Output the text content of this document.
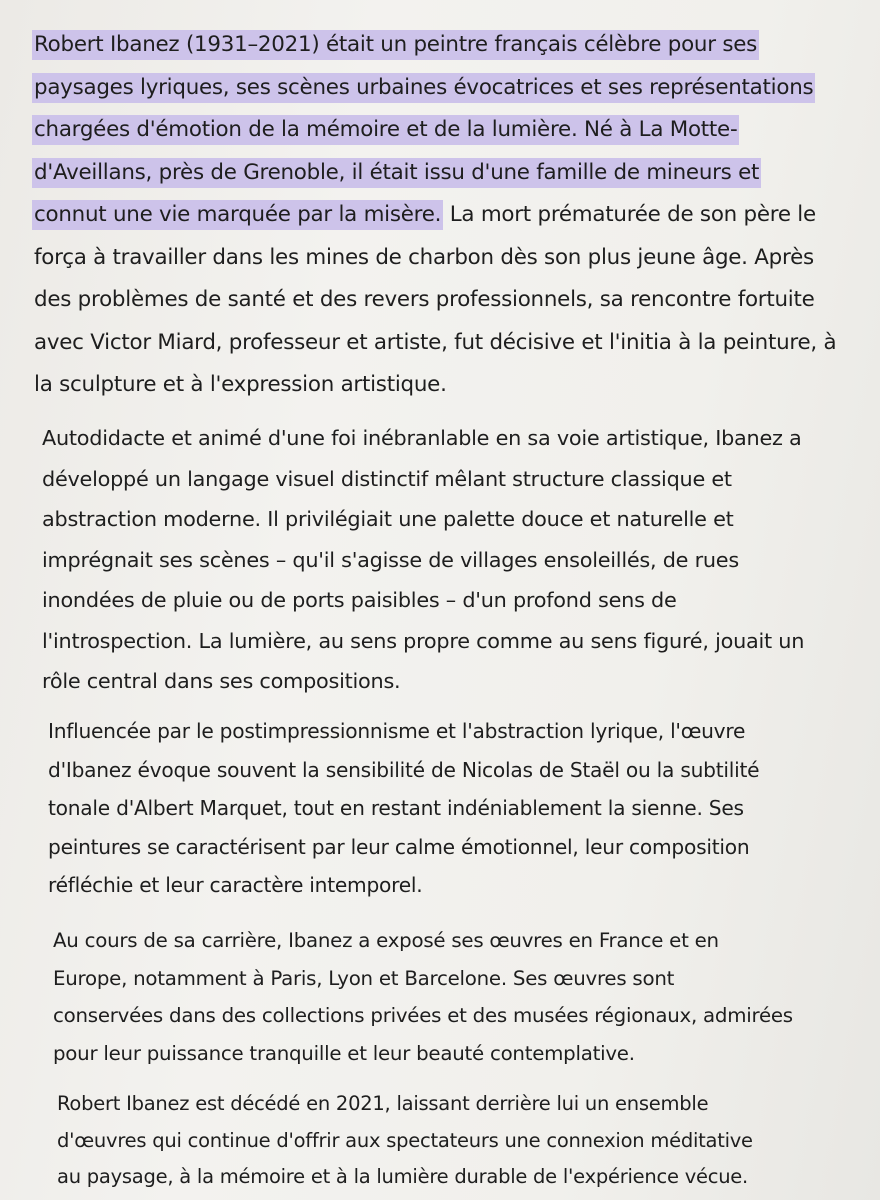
Robert Ibanez (1931–2021) était un peintre français célèbre pour ses
paysages lyriques, ses scènes urbaines évocatrices et ses représentations
chargées d'émotion de la mémoire et de la lumière. Né à La Motte-
d'Aveillans, près de Grenoble, il était issu d'une famille de mineurs et
connut une vie marquée par la misère. La mort prématurée de son père le
força à travailler dans les mines de charbon dès son plus jeune âge. Après
des problèmes de santé et des revers professionnels, sa rencontre fortuite
avec Victor Miard, professeur et artiste, fut décisive et l'initia à la peinture, à
la sculpture et à l'expression artistique.

Autodidacte et animé d'une foi inébranlable en sa voie artistique, Ibanez a
développé un langage visuel distinctif mêlant structure classique et
abstraction moderne. Il privilégiait une palette douce et naturelle et
imprégnait ses scènes – qu'il s'agisse de villages ensoleillés, de rues
inondées de pluie ou de ports paisibles – d'un profond sens de
l'introspection. La lumière, au sens propre comme au sens figuré, jouait un
rôle central dans ses compositions.

Influencée par le postimpressionnisme et l'abstraction lyrique, l'œuvre
d'Ibanez évoque souvent la sensibilité de Nicolas de Staël ou la subtilité
tonale d'Albert Marquet, tout en restant indéniablement la sienne. Ses
peintures se caractérisent par leur calme émotionnel, leur composition
réfléchie et leur caractère intemporel.

Au cours de sa carrière, Ibanez a exposé ses œuvres en France et en
Europe, notamment à Paris, Lyon et Barcelone. Ses œuvres sont
conservées dans des collections privées et des musées régionaux, admirées
pour leur puissance tranquille et leur beauté contemplative.

Robert Ibanez est décédé en 2021, laissant derrière lui un ensemble
d'œuvres qui continue d'offrir aux spectateurs une connexion méditative
au paysage, à la mémoire et à la lumière durable de l'expérience vécue.
